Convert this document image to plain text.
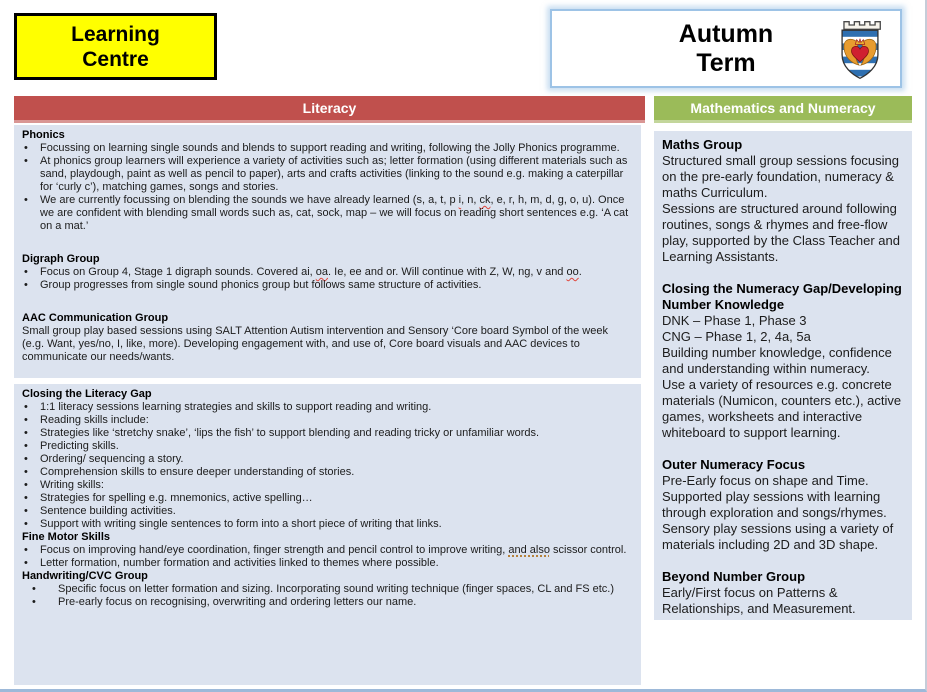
Learning
Centre
Autumn
Term
Literacy	Mathematics and Numeracy
Phonics
•	Focussing on learning single sounds and blends to support reading and writing, following the Jolly Phonics programme.
•	At phonics group learners will experience a variety of activities such as; letter formation (using different materials such as sand, playdough, paint as well as pencil to paper), arts and crafts activities (linking to the sound e.g. making a caterpillar for ‘curly c’), matching games, songs and stories.
•	We are currently focussing on blending the sounds we have already learned (s, a, t, p i, n, ck, e, r, h, m, d, g, o, u). Once we are confident with blending small words such as, cat, sock, map – we will focus on reading short sentences e.g. ‘A cat on a mat.’
Digraph Group
•	Focus on Group 4, Stage 1 digraph sounds. Covered ai, oa. Ie, ee and or. Will continue with Z, W, ng, v and oo.
•	Group progresses from single sound phonics group but follows same structure of activities.
AAC Communication Group
Small group play based sessions using SALT Attention Autism intervention and Sensory ‘Core board Symbol of the week (e.g. Want, yes/no, I, like, more). Developing engagement with, and use of, Core board visuals and AAC devices to communicate our needs/wants.
Closing the Literacy Gap
•	1:1 literacy sessions learning strategies and skills to support reading and writing.
•	Reading skills include:
•	Strategies like ‘stretchy snake’, ‘lips the fish’ to support blending and reading tricky or unfamiliar words.
•	Predicting skills.
•	Ordering/ sequencing a story.
•	Comprehension skills to ensure deeper understanding of stories.
•	Writing skills:
•	Strategies for spelling e.g. mnemonics, active spelling…
•	Sentence building activities.
•	Support with writing single sentences to form into a short piece of writing that links.
Fine Motor Skills
•	Focus on improving hand/eye coordination, finger strength and pencil control to improve writing, and also scissor control.
•	Letter formation, number formation and activities linked to themes where possible.
Handwriting/CVC Group
•	Specific focus on letter formation and sizing. Incorporating sound writing technique (finger spaces, CL and FS etc.)
•	Pre-early focus on recognising, overwriting and ordering letters our name.
Maths Group
Structured small group sessions focusing on the pre-early foundation, numeracy & maths Curriculum.
Sessions are structured around following routines, songs & rhymes and free-flow play, supported by the Class Teacher and Learning Assistants.
Closing the Numeracy Gap/Developing Number Knowledge
DNK – Phase 1, Phase 3
CNG – Phase 1, 2, 4a, 5a
Building number knowledge, confidence and understanding within numeracy.
Use a variety of resources e.g. concrete materials (Numicon, counters etc.), active games, worksheets and interactive whiteboard to support learning.
Outer Numeracy Focus
Pre-Early focus on shape and Time.
Supported play sessions with learning through exploration and songs/rhymes.
Sensory play sessions using a variety of materials including 2D and 3D shape.
Beyond Number Group
Early/First focus on Patterns & Relationships, and Measurement.
